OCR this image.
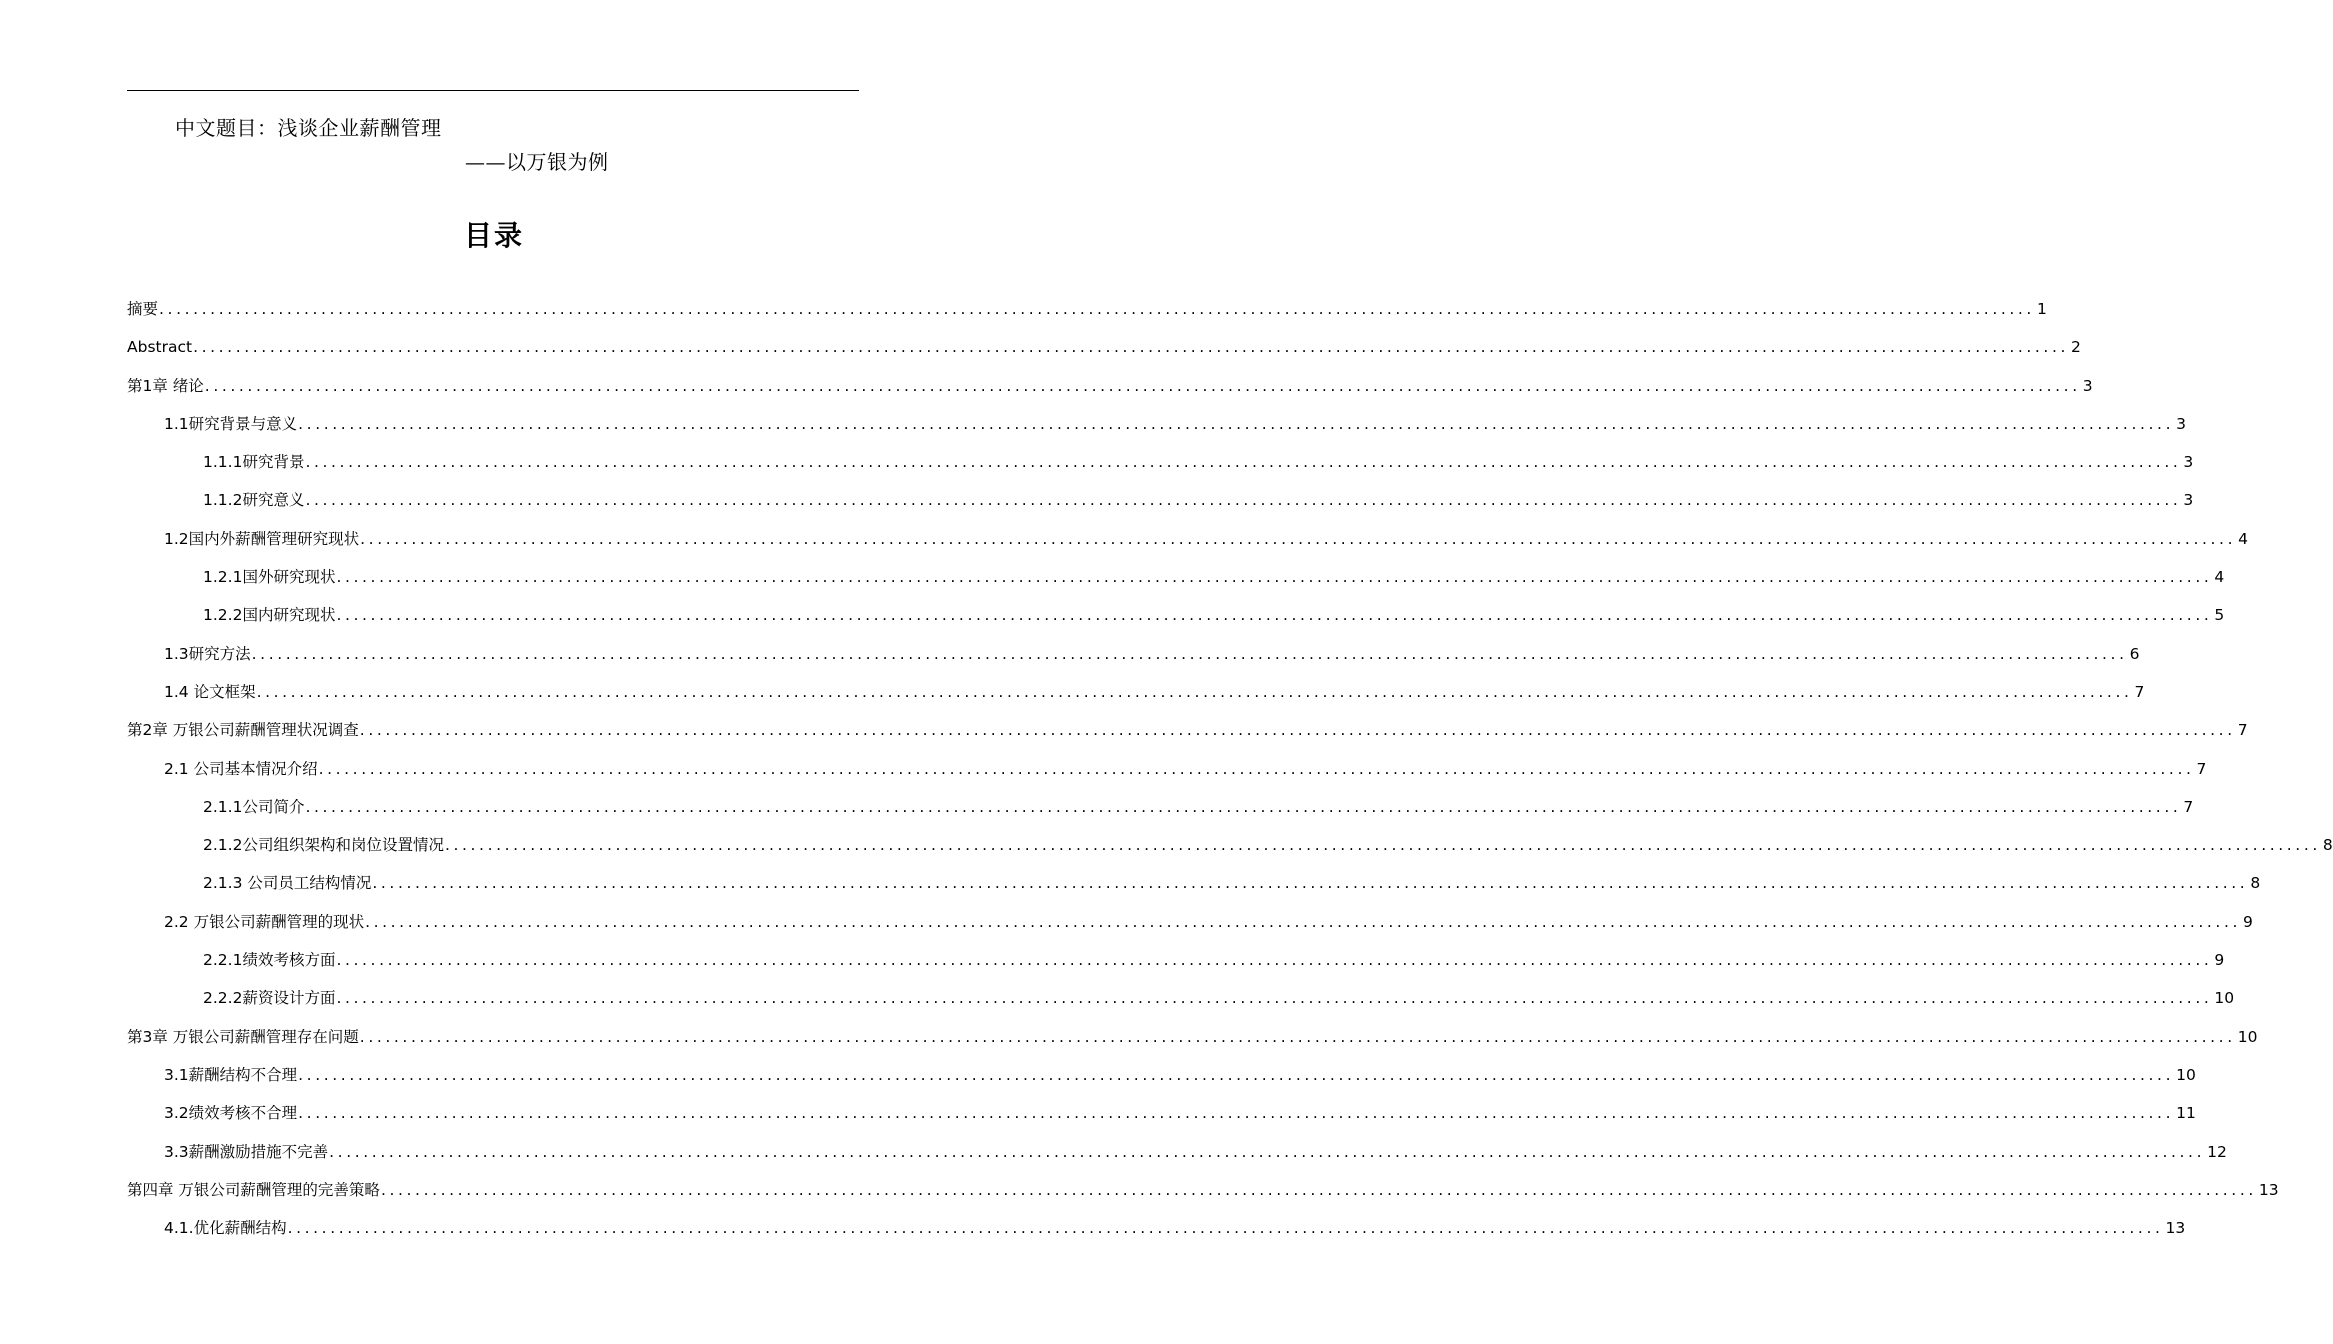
中文题目：浅谈企业薪酬管理
——以万银为例
目录
摘要 ............................................................................................................................................................................................................................ 1
Abstract ............................................................................................................................................................................................................................ 2
第1章 绪论 ............................................................................................................................................................................................................................ 3
1.1研究背景与意义 ............................................................................................................................................................................................................................ 3
1.1.1研究背景 ............................................................................................................................................................................................................................ 3
1.1.2研究意义 ............................................................................................................................................................................................................................ 3
1.2国内外薪酬管理研究现状 ............................................................................................................................................................................................................................ 4
1.2.1国外研究现状 ............................................................................................................................................................................................................................ 4
1.2.2国内研究现状 ............................................................................................................................................................................................................................ 5
1.3研究方法 ............................................................................................................................................................................................................................ 6
1.4 论文框架 ............................................................................................................................................................................................................................ 7
第2章 万银公司薪酬管理状况调查 ............................................................................................................................................................................................................................ 7
2.1 公司基本情况介绍 ............................................................................................................................................................................................................................ 7
2.1.1公司简介 ............................................................................................................................................................................................................................ 7
2.1.2公司组织架构和岗位设置情况 ............................................................................................................................................................................................................................ 8
2.1.3 公司员工结构情况 ............................................................................................................................................................................................................................ 8
2.2 万银公司薪酬管理的现状 ............................................................................................................................................................................................................................ 9
2.2.1绩效考核方面 ............................................................................................................................................................................................................................ 9
2.2.2薪资设计方面 ............................................................................................................................................................................................................................ 10
第3章 万银公司薪酬管理存在问题 ............................................................................................................................................................................................................................ 10
3.1薪酬结构不合理 ............................................................................................................................................................................................................................ 10
3.2绩效考核不合理 ............................................................................................................................................................................................................................ 11
3.3薪酬激励措施不完善 ............................................................................................................................................................................................................................ 12
第四章 万银公司薪酬管理的完善策略 ............................................................................................................................................................................................................................ 13
4.1.优化薪酬结构 ............................................................................................................................................................................................................................ 13
